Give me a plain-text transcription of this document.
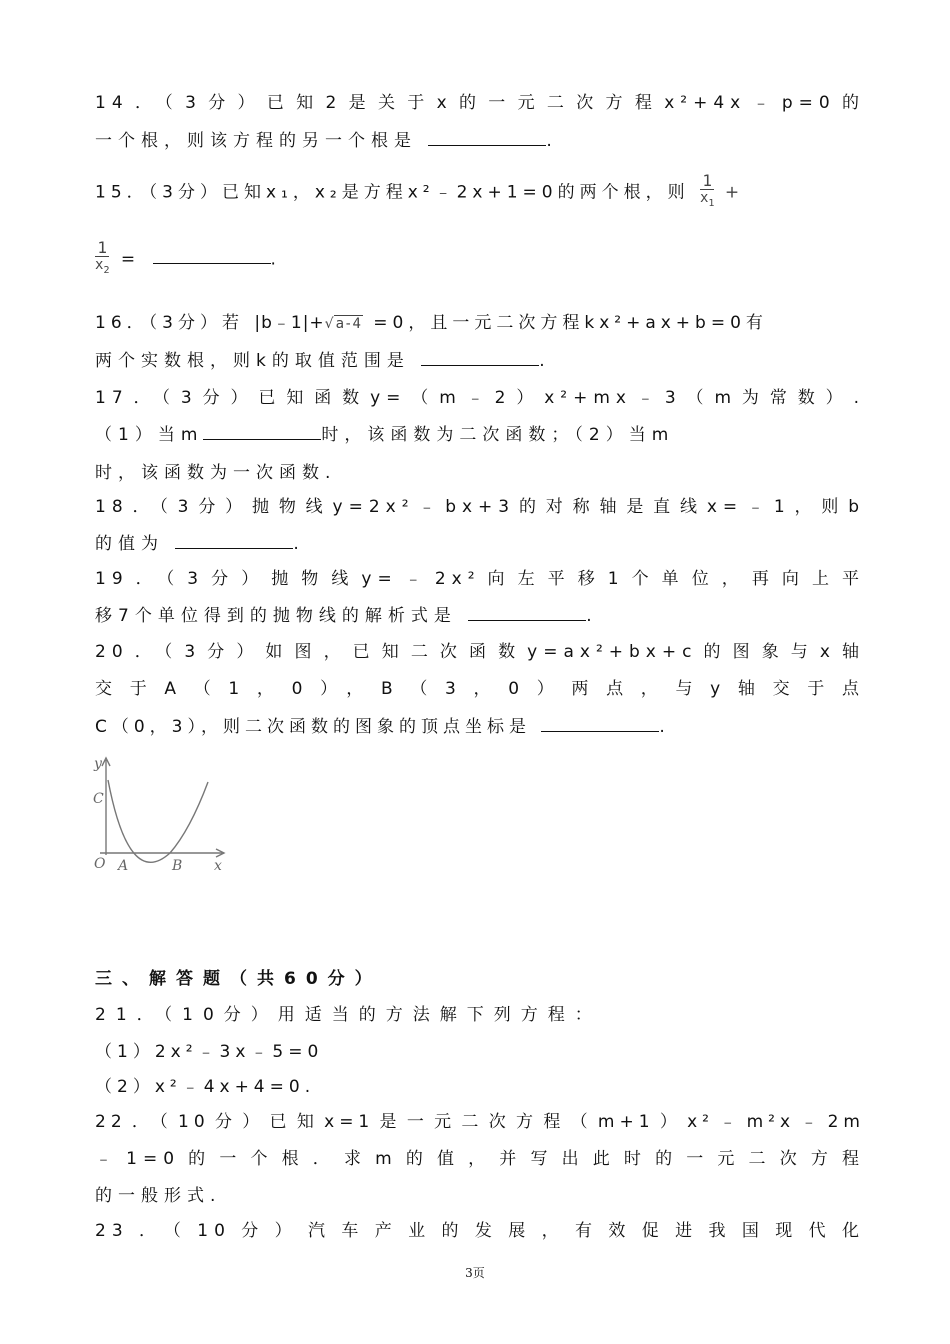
14．（3分）已知2是关于x的一元二次方程x²+4x﹣p=0的
一个根，则该方程的另一个根是	.
15．（3分）已知x₁，x₂是方程x²﹣2x+1=0的两个根，则 $\frac{1}{x_1}$ +
$\frac{1}{x_2}$ =	.
16．（3分）若 |b﹣1|+√ a-4 =0，且一元二次方程kx²+ax+b=0有
两个实数根，则k的取值范围是	.
17．（3分）已知函数y=（m﹣2）x²+mx﹣3（m为常数）.
（1）当m	时，该函数为二次函数；（2）当m
时，该函数为一次函数.
18．（3分）抛物线y=2x²﹣bx+3的对称轴是直线x=﹣1，则b
的值为	.
19．（3分）抛物线y=﹣2x²向左平移1个单位，再向上平
移7个单位得到的抛物线的解析式是	.
20．（3分）如图，已知二次函数y=ax²+bx+c的图象与x轴
交于A（1，0），B（3，0）两点，与y轴交于点
C（0，3），则二次函数的图象的顶点坐标是	.
y
x
O A	B
C
三、解答题（共60分）
21．（10分）用适当的方法解下列方程：
（1）2x²﹣3x﹣5=0
（2）x²﹣4x+4=0.
22．（10分）已知x=1是一元二次方程（m+1）x²﹣m²x﹣2m
﹣1=0的一个根．求m的值，并写出此时的一元二次方程
的一般形式.
23．（10分）汽车产业的发展，有效促进我国现代化
3页
